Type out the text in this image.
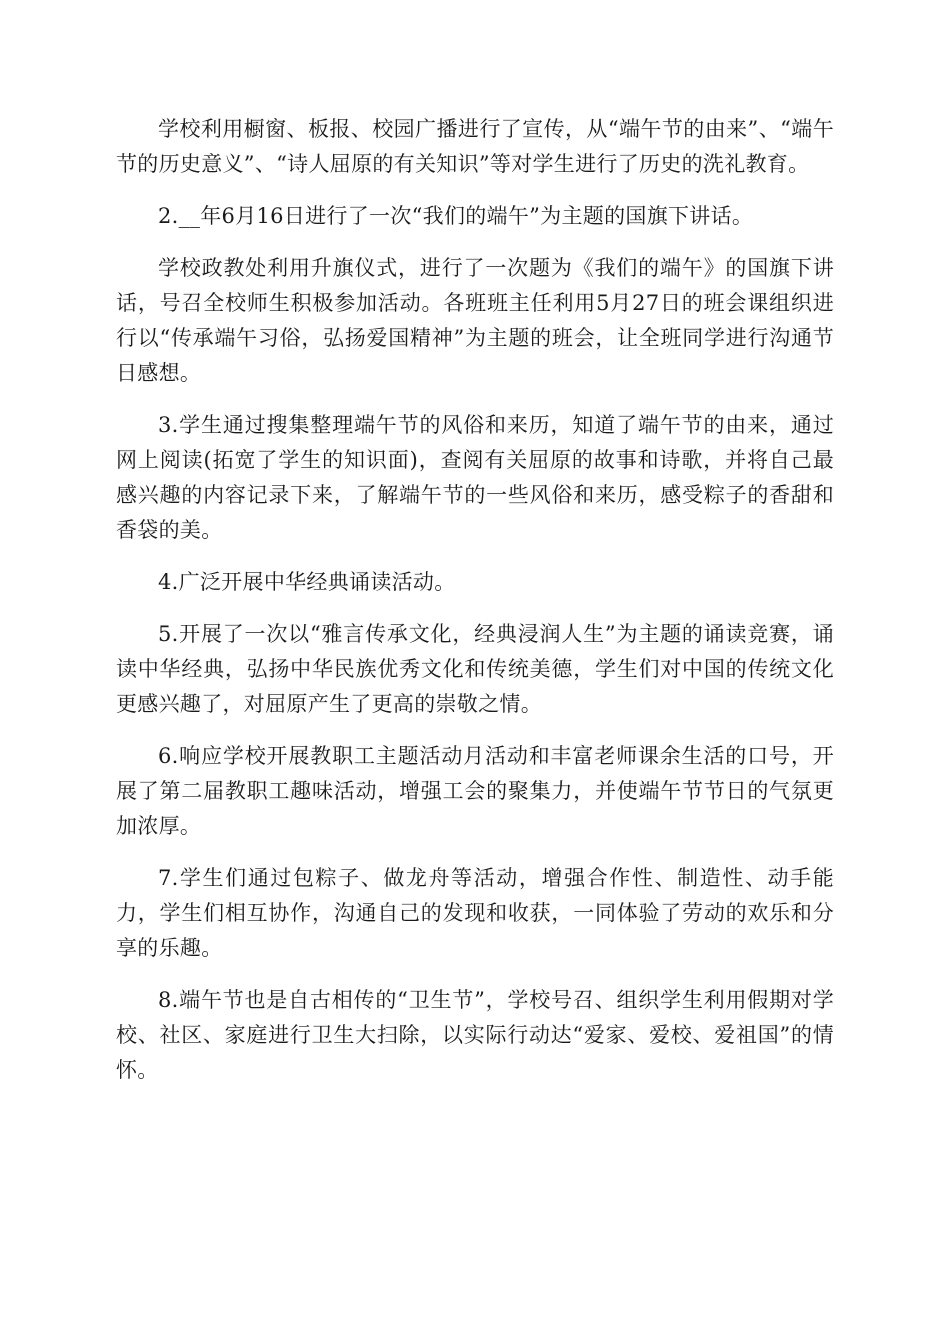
学校利用橱窗、板报、校园广播进行了宣传，从“端午节的由来”、“端午节的历史意义”、“诗人屈原的有关知识”等对学生进行了历史的洗礼教育。

2.__年6月16日进行了一次“我们的端午”为主题的国旗下讲话。

学校政教处利用升旗仪式，进行了一次题为《我们的端午》的国旗下讲话，号召全校师生积极参加活动。各班班主任利用5月27日的班会课组织进行以“传承端午习俗，弘扬爱国精神”为主题的班会，让全班同学进行沟通节日感想。

3.学生通过搜集整理端午节的风俗和来历，知道了端午节的由来，通过网上阅读(拓宽了学生的知识面)，查阅有关屈原的故事和诗歌，并将自己最感兴趣的内容记录下来，了解端午节的一些风俗和来历，感受粽子的香甜和香袋的美。

4.广泛开展中华经典诵读活动。

5.开展了一次以“雅言传承文化，经典浸润人生”为主题的诵读竞赛，诵读中华经典，弘扬中华民族优秀文化和传统美德，学生们对中国的传统文化更感兴趣了，对屈原产生了更高的崇敬之情。

6.响应学校开展教职工主题活动月活动和丰富老师课余生活的口号，开展了第二届教职工趣味活动，增强工会的聚集力，并使端午节节日的气氛更加浓厚。

7.学生们通过包粽子、做龙舟等活动，增强合作性、制造性、动手能力，学生们相互协作，沟通自己的发现和收获，一同体验了劳动的欢乐和分享的乐趣。

8.端午节也是自古相传的“卫生节”，学校号召、组织学生利用假期对学校、社区、家庭进行卫生大扫除，以实际行动达“爱家、爱校、爱祖国”的情怀。
